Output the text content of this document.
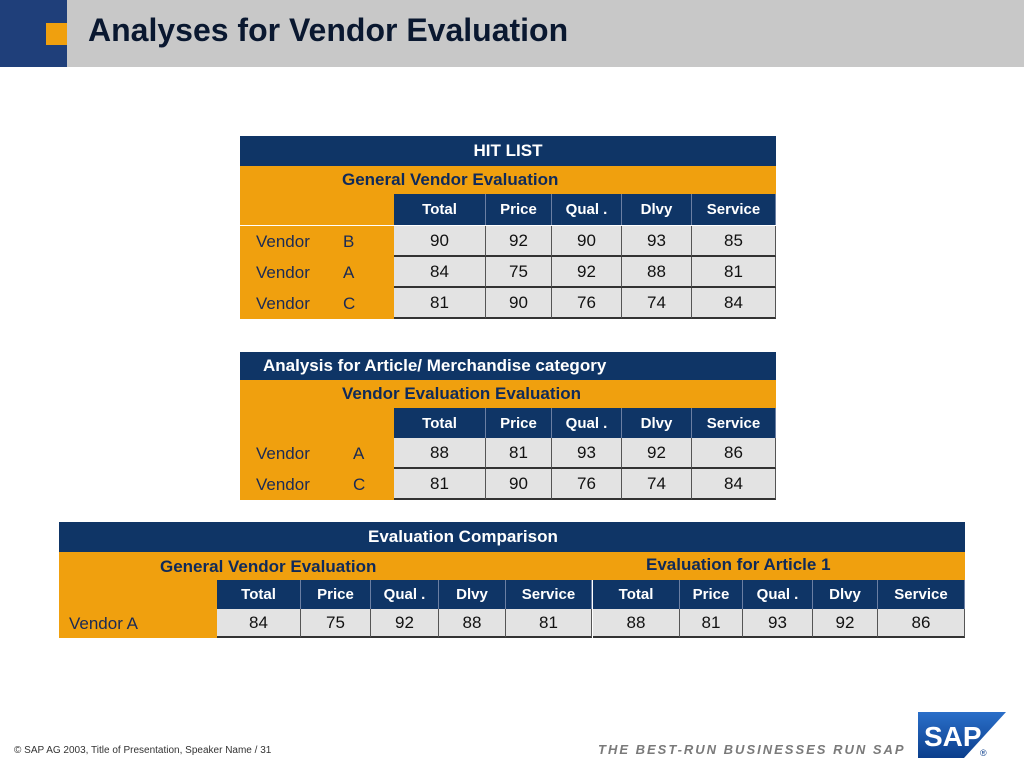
Analyses for Vendor Evaluation
HIT LIST
General Vendor Evaluation
Total	Price	Qual .	Dlvy	Service
Vendor B	90	92	90	93	85
Vendor A	84	75	92	88	81
Vendor C	81	90	76	74	84
Analysis for Article/ Merchandise category
Vendor Evaluation Evaluation
Total	Price	Qual .	Dlvy	Service
Vendor	A	88	81	93	92	86
Vendor	C	81	90	76	74	84
Evaluation Comparison
General Vendor Evaluation	Evaluation for Article 1
Total	Price	Qual .	Dlvy	Service	Total	Price	Qual .	Dlvy	Service
Vendor A	84	75	92	88	81	88	81	93	92	86
© SAP AG 2003, Title of Presentation, Speaker Name / 31	THE BEST-RUN BUSINESSES RUN SAP SAP
®
